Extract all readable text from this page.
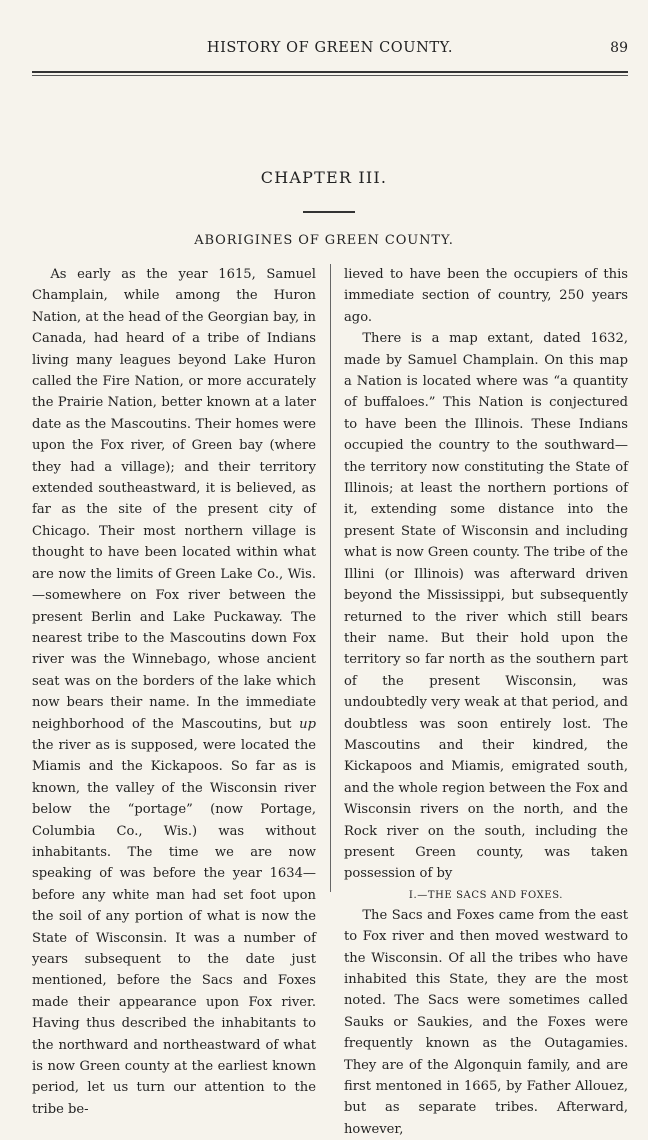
HISTORY OF GREEN COUNTY.	89
CHAPTER III.
ABORIGINES OF GREEN COUNTY.

As early as the year 1615, Samuel Champlain, while among the Huron Nation, at the head of the Georgian bay, in Canada, had heard of a tribe of Indians living many leagues beyond Lake Huron called the Fire Nation, or more accurately the Prairie Nation, better known at a later date as the Mascoutins. Their homes were upon the Fox river, of Green bay (where they had a village); and their territory extended southeastward, it is believed, as far as the site of the present city of Chicago. Their most northern village is thought to have been located within what are now the limits of Green Lake Co., Wis.—somewhere on Fox river between the present Berlin and Lake Puckaway. The nearest tribe to the Mascoutins down Fox river was the Winnebago, whose ancient seat was on the borders of the lake which now bears their name. In the immediate neighborhood of the Mascoutins, but up the river as is supposed, were located the Miamis and the Kickapoos. So far as is known, the valley of the Wisconsin river below the “portage” (now Portage, Columbia Co., Wis.) was without inhabitants. The time we are now speaking of was before the year 1634—before any white man had set foot upon the soil of any portion of what is now the State of Wisconsin. It was a number of years subsequent to the date just mentioned, before the Sacs and Foxes made their appearance upon Fox river. Having thus described the inhabitants to the northward and northeastward of what is now Green county at the earliest known period, let us turn our attention to the tribe be-

lieved to have been the occupiers of this immediate section of country, 250 years ago.

There is a map extant, dated 1632, made by Samuel Champlain. On this map a Nation is located where was “a quantity of buffaloes.” This Nation is conjectured to have been the Illinois. These Indians occupied the country to the southward—the territory now constituting the State of Illinois; at least the northern portions of it, extending some distance into the present State of Wisconsin and including what is now Green county. The tribe of the Illini (or Illinois) was afterward driven beyond the Mississippi, but subsequently returned to the river which still bears their name. But their hold upon the territory so far north as the southern part of the present Wisconsin, was undoubtedly very weak at that period, and doubtless was soon entirely lost. The Mascoutins and their kindred, the Kickapoos and Miamis, emigrated south, and the whole region between the Fox and Wisconsin rivers on the north, and the Rock river on the south, including the present Green county, was taken possession of by

I.—THE SACS AND FOXES.

The Sacs and Foxes came from the east to Fox river and then moved westward to the Wisconsin. Of all the tribes who have inhabited this State, they are the most noted. The Sacs were sometimes called Sauks or Saukies, and the Foxes were frequently known as the Outagamies. They are of the Algonquin family, and are first mentoned in 1665, by Father Allouez, but as separate tribes. Afterward, however,
